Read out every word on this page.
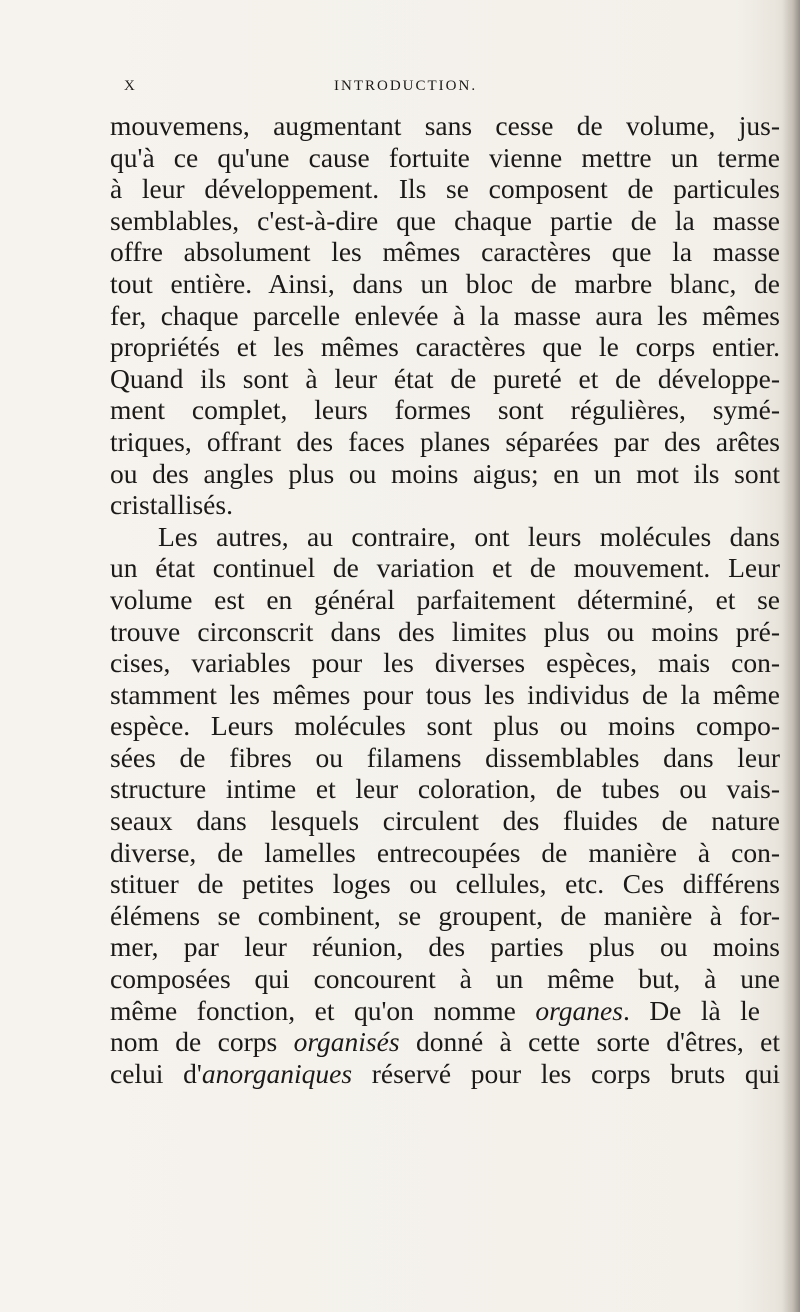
X	INTRODUCTION.
mouvemens, augmentant sans cesse de volume, jus-
qu'à ce qu'une cause fortuite vienne mettre un terme
à leur développement. Ils se composent de particules
semblables, c'est-à-dire que chaque partie de la masse
offre absolument les mêmes caractères que la masse
tout entière. Ainsi, dans un bloc de marbre blanc, de
fer, chaque parcelle enlevée à la masse aura les mêmes
propriétés et les mêmes caractères que le corps entier.
Quand ils sont à leur état de pureté et de développe-
ment complet, leurs formes sont régulières, symé-
triques, offrant des faces planes séparées par des arêtes
ou des angles plus ou moins aigus; en un mot ils sont
cristallisés.
Les autres, au contraire, ont leurs molécules dans
un état continuel de variation et de mouvement. Leur
volume est en général parfaitement déterminé, et se
trouve circonscrit dans des limites plus ou moins pré-
cises, variables pour les diverses espèces, mais con-
stamment les mêmes pour tous les individus de la même
espèce. Leurs molécules sont plus ou moins compo-
sées de fibres ou filamens dissemblables dans leur
structure intime et leur coloration, de tubes ou vais-
seaux dans lesquels circulent des fluides de nature
diverse, de lamelles entrecoupées de manière à con-
stituer de petites loges ou cellules, etc. Ces différens
élémens se combinent, se groupent, de manière à for-
mer, par leur réunion, des parties plus ou moins
composées qui concourent à un même but, à une
même fonction, et qu'on nomme organes. De là le
nom de corps organisés donné à cette sorte d'êtres, et
celui d'anorganiques réservé pour les corps bruts qui
